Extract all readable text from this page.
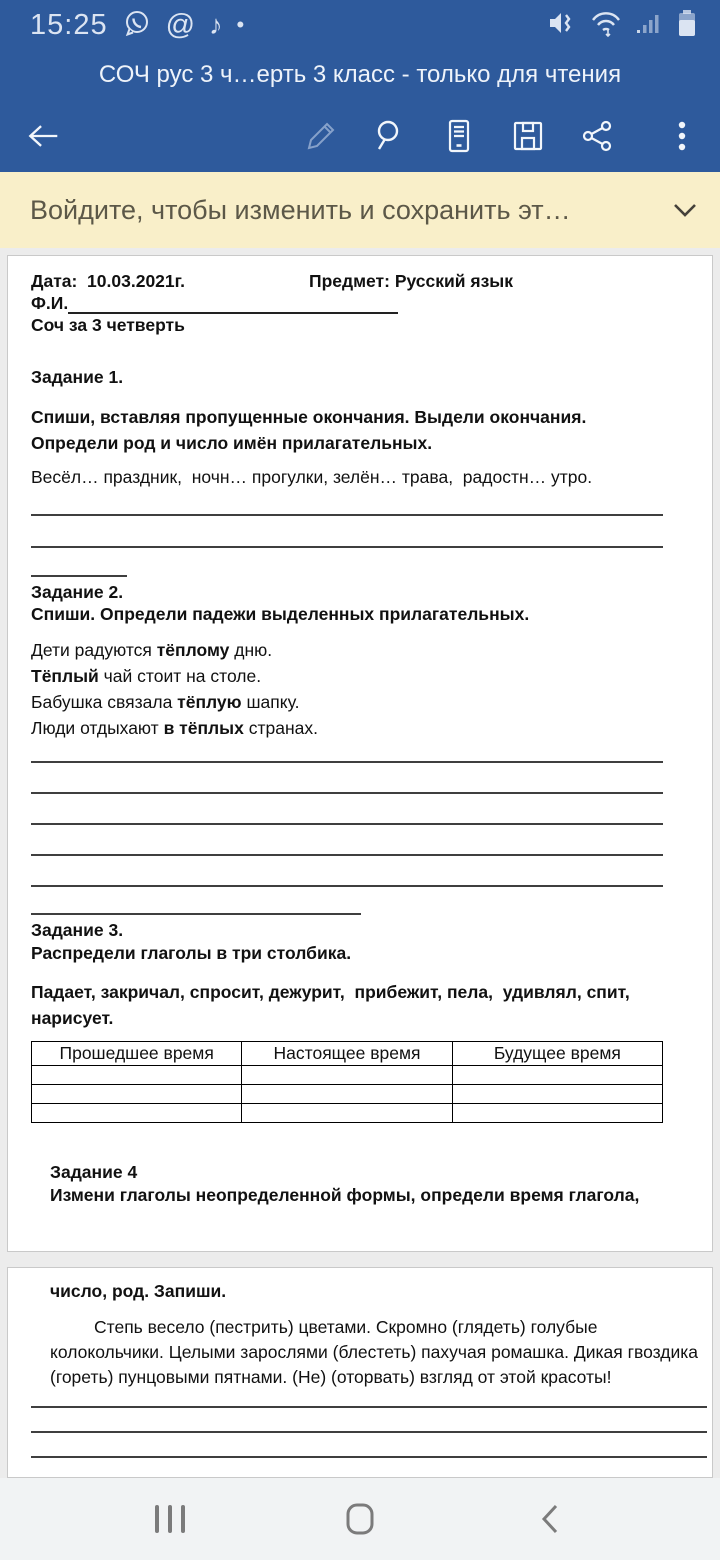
15:25 @ ♪ •
СОЧ рус 3 ч…ерть 3 класс - только для чтения
Войдите, чтобы изменить и сохранить эт…
Дата:  10.03.2021г.	Предмет: Русский язык
Ф.И.
Соч за 3 четверть
Задание 1.
Спиши, вставляя пропущенные окончания. Выдели окончания. Определи род и число имён прилагательных.
Весёл… праздник,  ночн… прогулки, зелён… трава,  радостн… утро.
Задание 2.
Спиши. Определи падежи выделенных прилагательных.
Дети радуются тёплому дню.
Тёплый чай стоит на столе.
Бабушка связала тёплую шапку.
Люди отдыхают в тёплых странах.
Задание 3.
Распредели глаголы в три столбика.
Падает, закричал, спросит, дежурит,  прибежит, пела,  удивлял, спит, нарисует.
Прошедшее время	Настоящее время	Будущее время

Задание 4
Измени глаголы неопределенной формы, определи время глагола,
число, род. Запиши.
Степь весело (пестрить) цветами. Скромно (глядеть) голубые колокольчики. Целыми зарослями (блестеть) пахучая ромашка. Дикая гвоздика (гореть) пунцовыми пятнами. (Не) (оторвать) взгляд от этой красоты!
